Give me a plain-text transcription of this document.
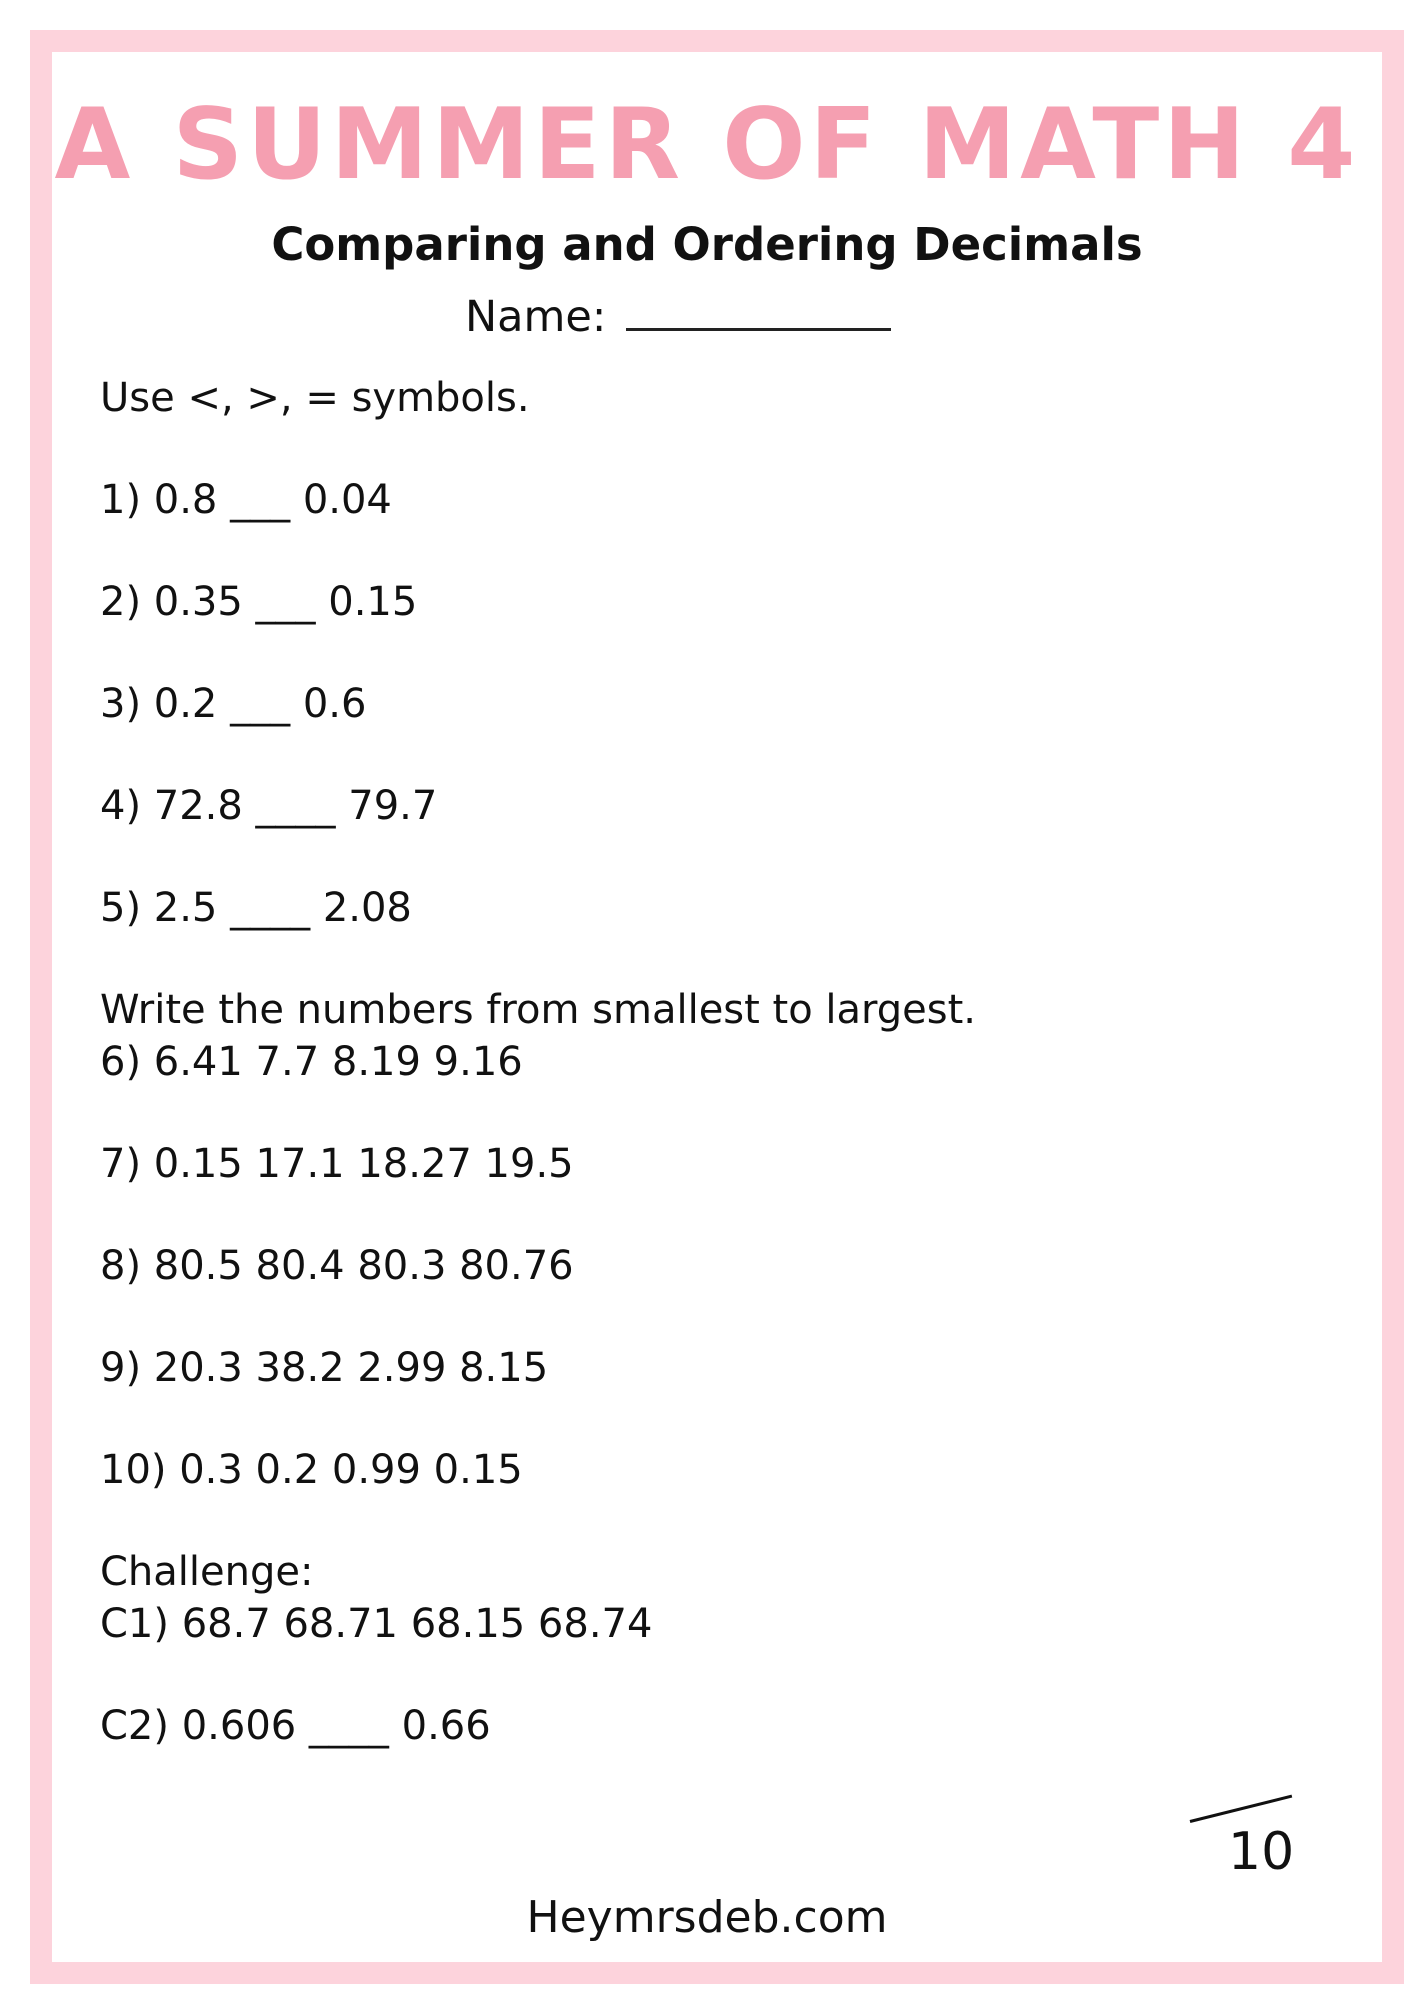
A SUMMER OF MATH 4
Comparing and Ordering Decimals
Name:
Use <, >, = symbols.
1) 0.8 ___ 0.04
2) 0.35 ___ 0.15
3) 0.2 ___ 0.6
4) 72.8 ____ 79.7
5) 2.5 ____ 2.08
Write the numbers from smallest to largest.
6) 6.41 7.7 8.19 9.16
7) 0.15 17.1 18.27 19.5
8) 80.5 80.4 80.3 80.76
9) 20.3 38.2 2.99 8.15
10) 0.3 0.2 0.99 0.15
Challenge:
C1) 68.7 68.71 68.15 68.74
C2) 0.606 ____ 0.66
10
Heymrsdeb.com
